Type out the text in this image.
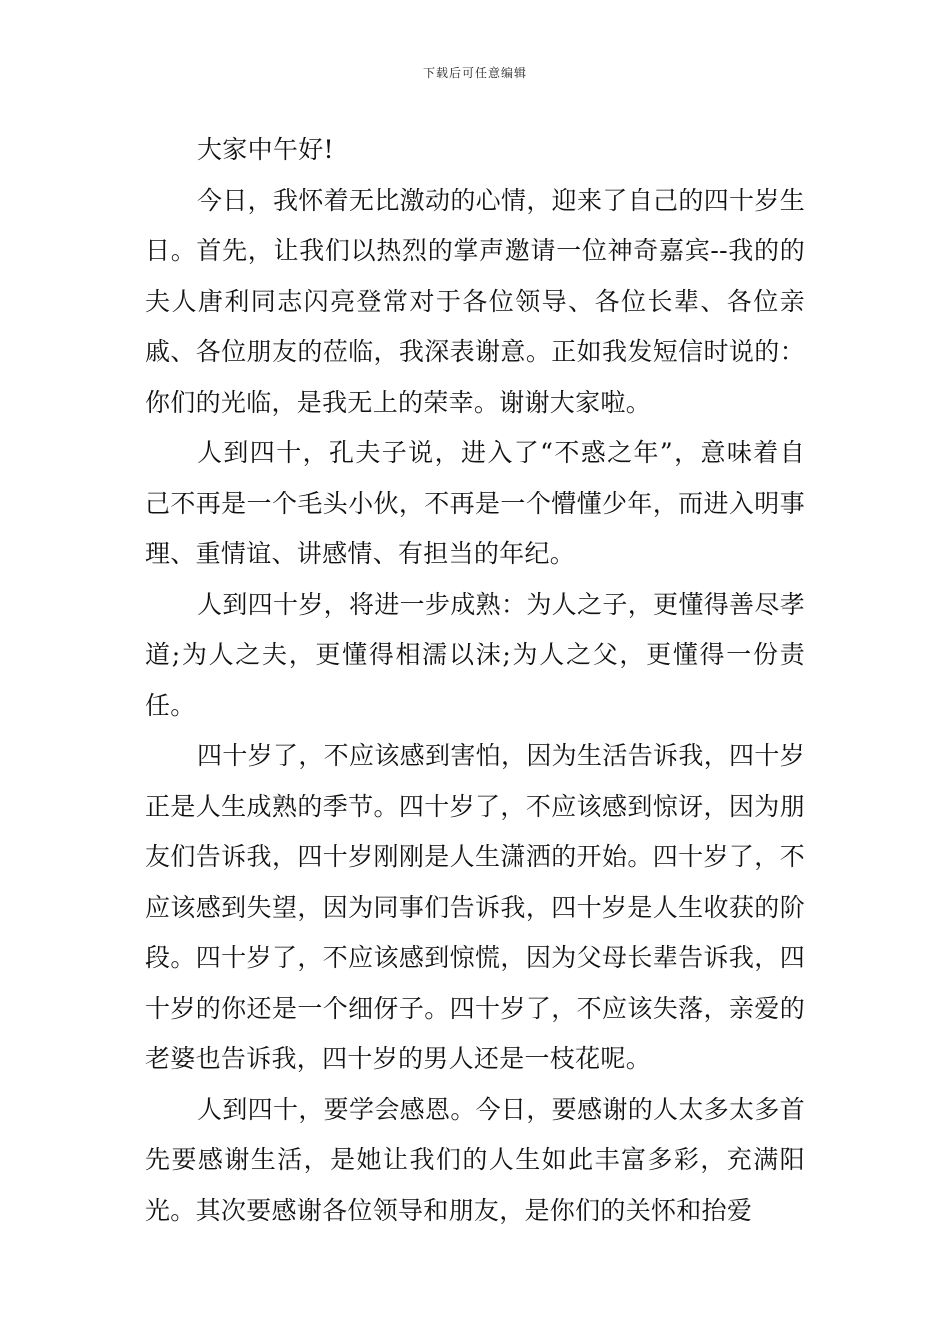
下载后可任意编辑

大家中午好!

今日，我怀着无比激动的心情，迎来了自己的四十岁生日。首先，让我们以热烈的掌声邀请一位神奇嘉宾--我的的夫人唐利同志闪亮登常对于各位领导、各位长辈、各位亲戚、各位朋友的莅临，我深表谢意。正如我发短信时说的：你们的光临，是我无上的荣幸。谢谢大家啦。

人到四十，孔夫子说，进入了“不惑之年”，意味着自己不再是一个毛头小伙，不再是一个懵懂少年，而进入明事理、重情谊、讲感情、有担当的年纪。

人到四十岁，将进一步成熟：为人之子，更懂得善尽孝道;为人之夫，更懂得相濡以沫;为人之父，更懂得一份责任。

四十岁了，不应该感到害怕，因为生活告诉我，四十岁正是人生成熟的季节。四十岁了，不应该感到惊讶，因为朋友们告诉我，四十岁刚刚是人生潇洒的开始。四十岁了，不应该感到失望，因为同事们告诉我，四十岁是人生收获的阶段。四十岁了，不应该感到惊慌，因为父母长辈告诉我，四十岁的你还是一个细伢子。四十岁了，不应该失落，亲爱的老婆也告诉我，四十岁的男人还是一枝花呢。

人到四十，要学会感恩。今日，要感谢的人太多太多首先要感谢生活，是她让我们的人生如此丰富多彩，充满阳光。其次要感谢各位领导和朋友，是你们的关怀和抬爱
